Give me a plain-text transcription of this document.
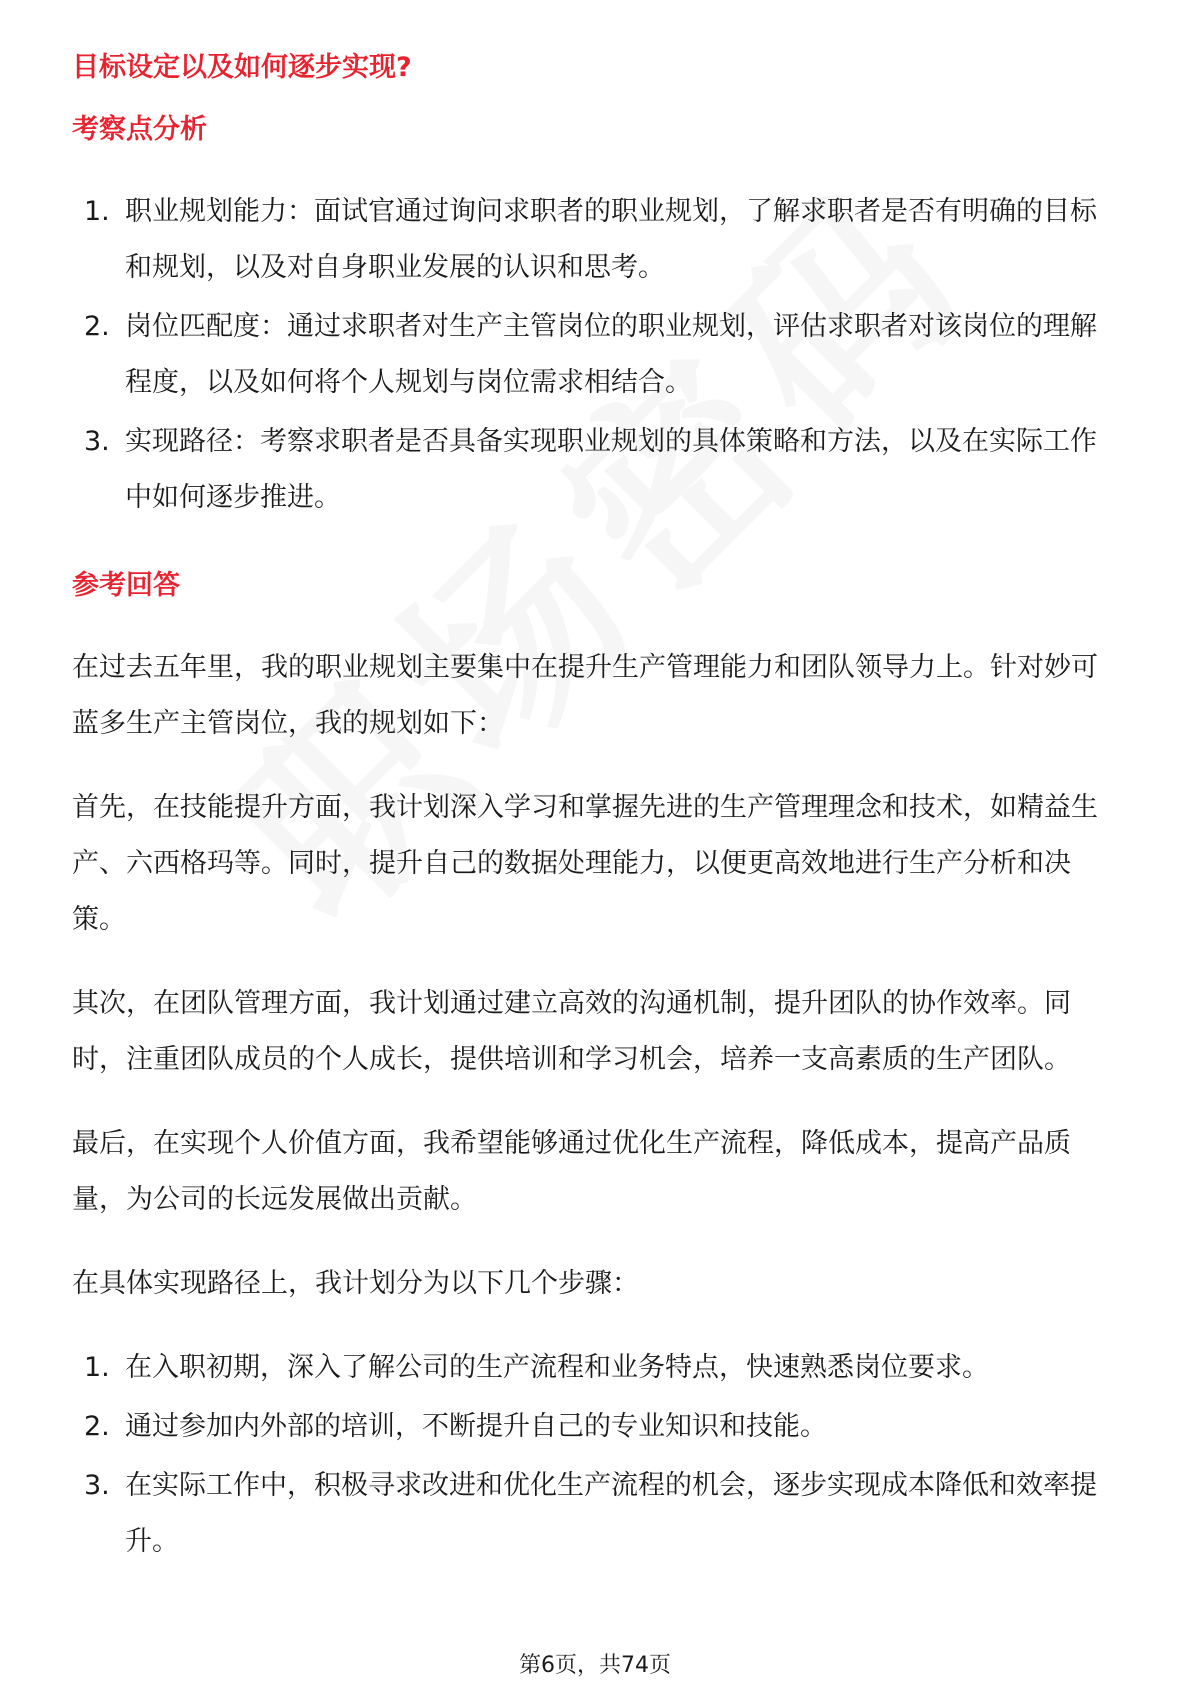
目标设定以及如何逐步实现?
考察点分析
1. 职业规划能力：面试官通过询问求职者的职业规划，了解求职者是否有明确的目标和规划，以及对自身职业发展的认识和思考。
2. 岗位匹配度：通过求职者对生产主管岗位的职业规划，评估求职者对该岗位的理解程度，以及如何将个人规划与岗位需求相结合。
3. 实现路径：考察求职者是否具备实现职业规划的具体策略和方法，以及在实际工作中如何逐步推进。
参考回答

在过去五年里，我的职业规划主要集中在提升生产管理能力和团队领导力上。针对妙可蓝多生产主管岗位，我的规划如下：

首先，在技能提升方面，我计划深入学习和掌握先进的生产管理理念和技术，如精益生产、六西格玛等。同时，提升自己的数据处理能力，以便更高效地进行生产分析和决策。

其次，在团队管理方面，我计划通过建立高效的沟通机制，提升团队的协作效率。同时，注重团队成员的个人成长，提供培训和学习机会，培养一支高素质的生产团队。

最后，在实现个人价值方面，我希望能够通过优化生产流程，降低成本，提高产品质量，为公司的长远发展做出贡献。

在具体实现路径上，我计划分为以下几个步骤：

1. 在入职初期，深入了解公司的生产流程和业务特点，快速熟悉岗位要求。
2. 通过参加内外部的培训，不断提升自己的专业知识和技能。
3. 在实际工作中，积极寻求改进和优化生产流程的机会，逐步实现成本降低和效率提升。
第6页，共74页
